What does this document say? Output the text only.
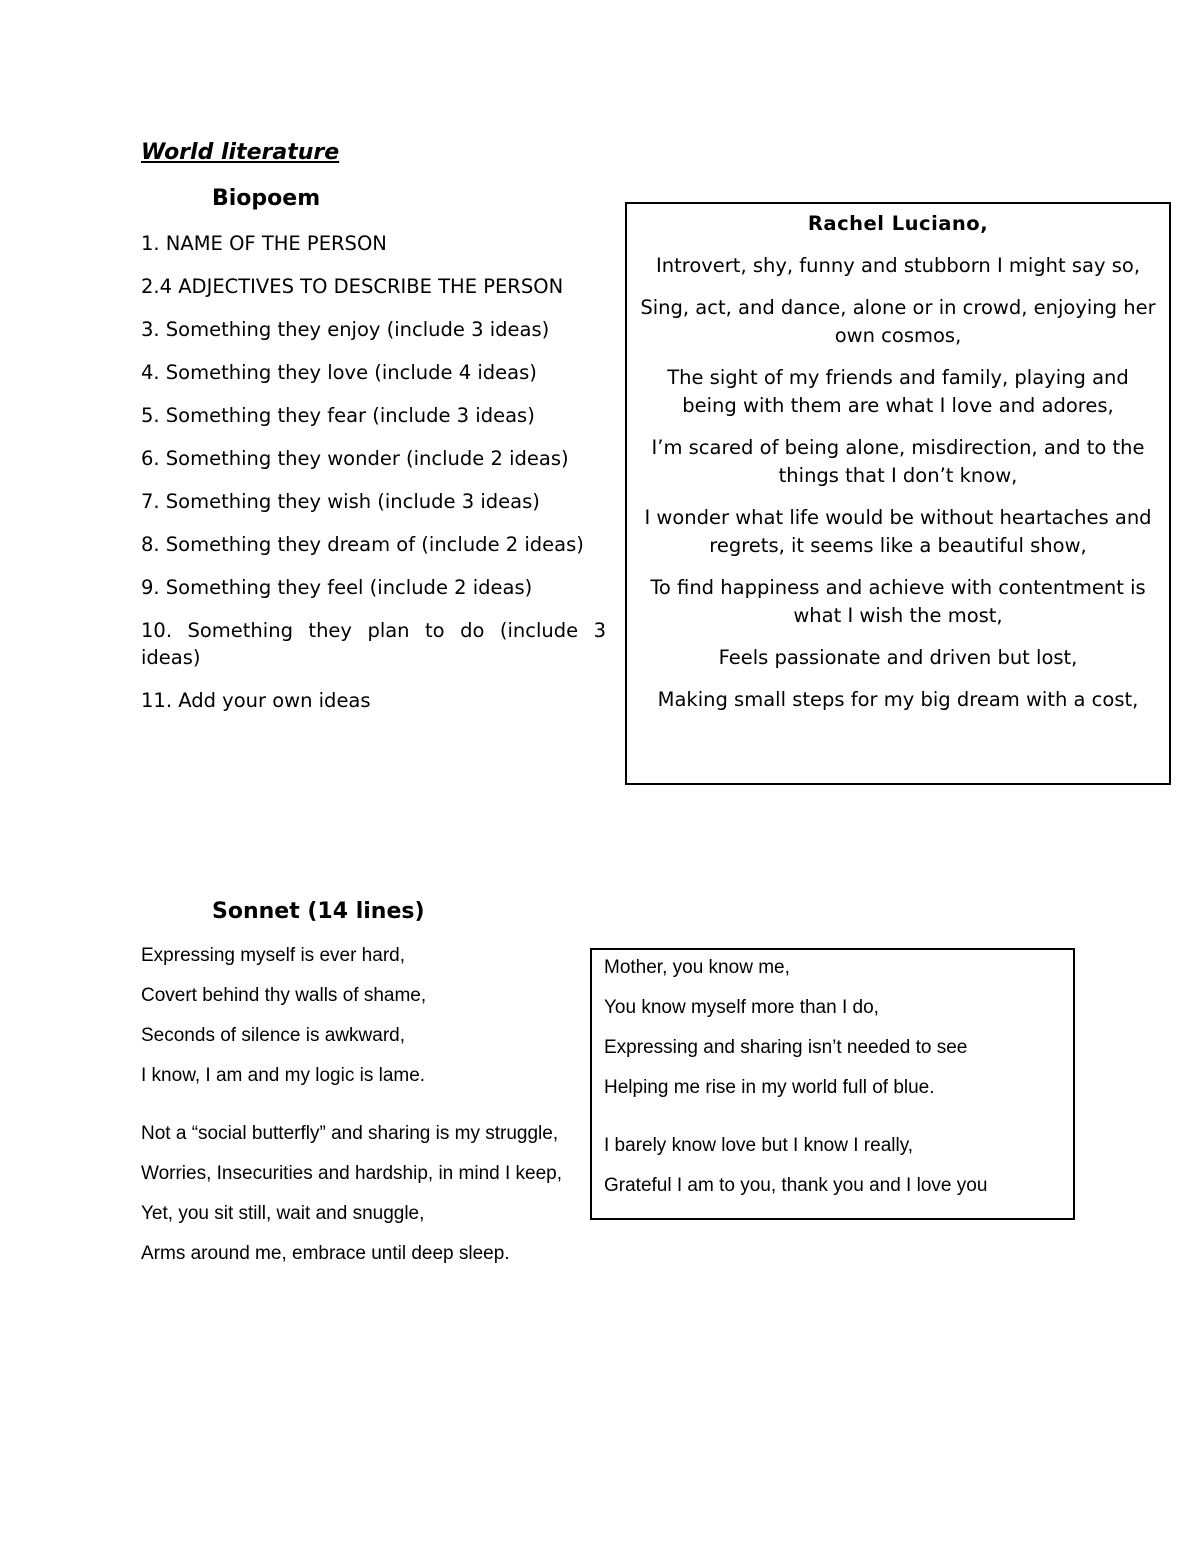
World literature
Biopoem
1. NAME OF THE PERSON
2.4 ADJECTIVES TO DESCRIBE THE PERSON
3. Something they enjoy (include 3 ideas)
4. Something they love (include 4 ideas)
5. Something they fear (include 3 ideas)
6. Something they wonder (include 2 ideas)
7. Something they wish (include 3 ideas)
8. Something they dream of (include 2 ideas)
9. Something they feel (include 2 ideas)
10. Something they plan to do (include 3 ideas)
11. Add your own ideas

Rachel Luciano,

Introvert, shy, funny and stubborn I might say so,

Sing, act, and dance, alone or in crowd, enjoying her own cosmos,

The sight of my friends and family, playing and being with them are what I love and adores,

I’m scared of being alone, misdirection, and to the things that I don’t know,

I wonder what life would be without heartaches and regrets, it seems like a beautiful show,

To find happiness and achieve with contentment is what I wish the most,

Feels passionate and driven but lost,

Making small steps for my big dream with a cost,

Sonnet (14 lines)

Expressing myself is ever hard,

Covert behind thy walls of shame,

Seconds of silence is awkward,

I know, I am and my logic is lame.

Not a “social butterfly” and sharing is my struggle,

Worries, Insecurities and hardship, in mind I keep,

Yet, you sit still, wait and snuggle,

Arms around me, embrace until deep sleep.

Mother, you know me,

You know myself more than I do,

Expressing and sharing isn’t needed to see

Helping me rise in my world full of blue.

I barely know love but I know I really,

Grateful I am to you, thank you and I love you
